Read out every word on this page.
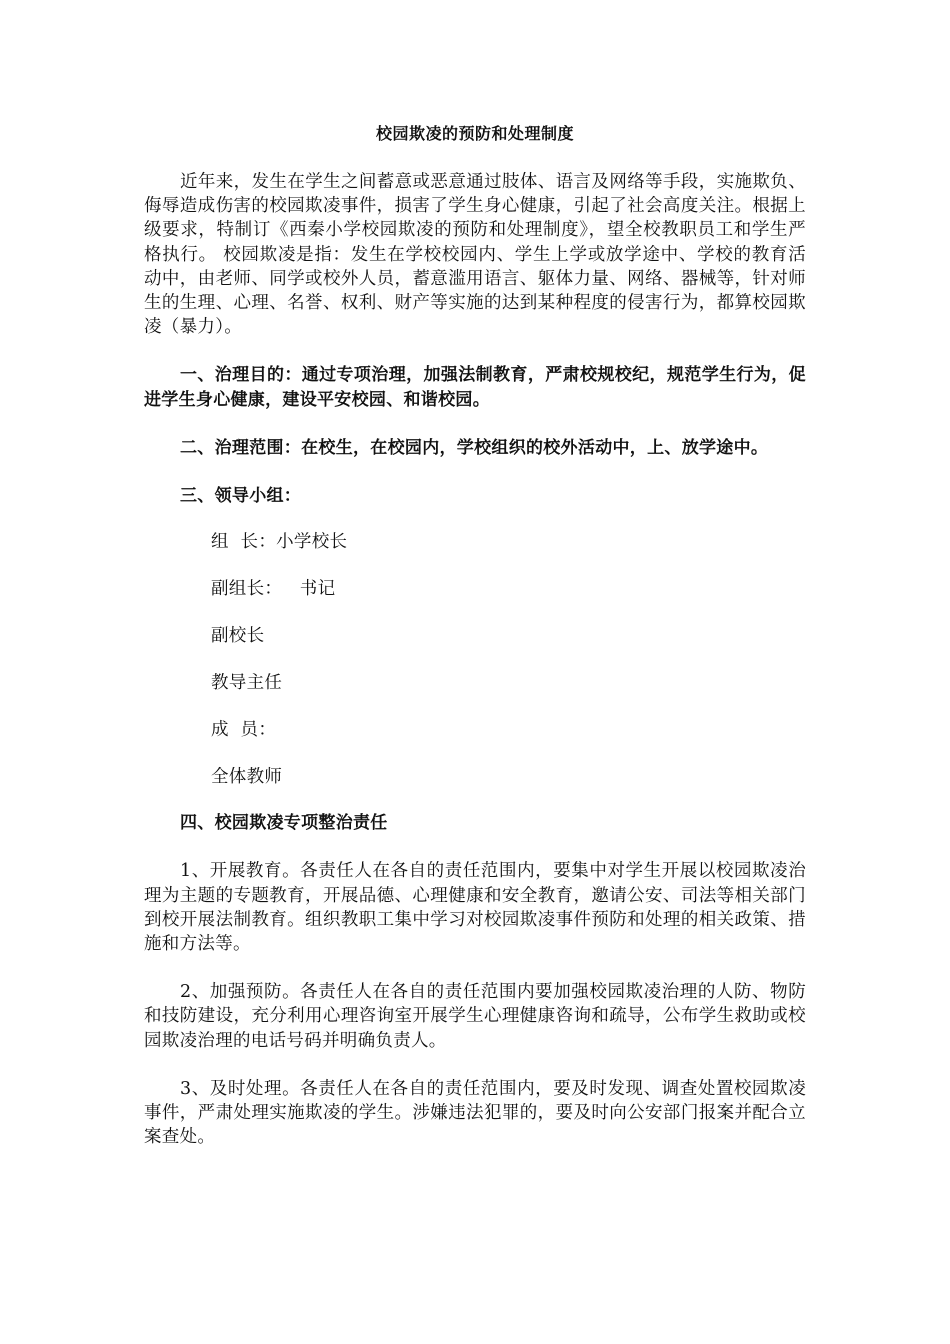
校园欺凌的预防和处理制度

近年来，发生在学生之间蓄意或恶意通过肢体、语言及网络等手段，实施欺负、侮辱造成伤害的校园欺凌事件，损害了学生身心健康，引起了社会高度关注。根据上级要求，特制订《西秦小学校园欺凌的预防和处理制度》，望全校教职员工和学生严格执行。 校园欺凌是指：发生在学校校园内、学生上学或放学途中、学校的教育活动中，由老师、同学或校外人员，蓄意滥用语言、躯体力量、网络、器械等，针对师生的生理、心理、名誉、权利、财产等实施的达到某种程度的侵害行为，都算校园欺凌（暴力）。

一、治理目的：通过专项治理，加强法制教育，严肃校规校纪，规范学生行为，促进学生身心健康，建设平安校园、和谐校园。

二、治理范围：在校生，在校园内，学校组织的校外活动中，上、放学途中。

三、领导小组：

组  长：小学校长

副组长：   书记

副校长

教导主任

成  员：

全体教师

四、校园欺凌专项整治责任

1、开展教育。各责任人在各自的责任范围内，要集中对学生开展以校园欺凌治理为主题的专题教育，开展品德、心理健康和安全教育，邀请公安、司法等相关部门到校开展法制教育。组织教职工集中学习对校园欺凌事件预防和处理的相关政策、措施和方法等。

2、加强预防。各责任人在各自的责任范围内要加强校园欺凌治理的人防、物防和技防建设，充分利用心理咨询室开展学生心理健康咨询和疏导，公布学生救助或校园欺凌治理的电话号码并明确负责人。

3、及时处理。各责任人在各自的责任范围内，要及时发现、调查处置校园欺凌事件，严肃处理实施欺凌的学生。涉嫌违法犯罪的，要及时向公安部门报案并配合立案查处。
